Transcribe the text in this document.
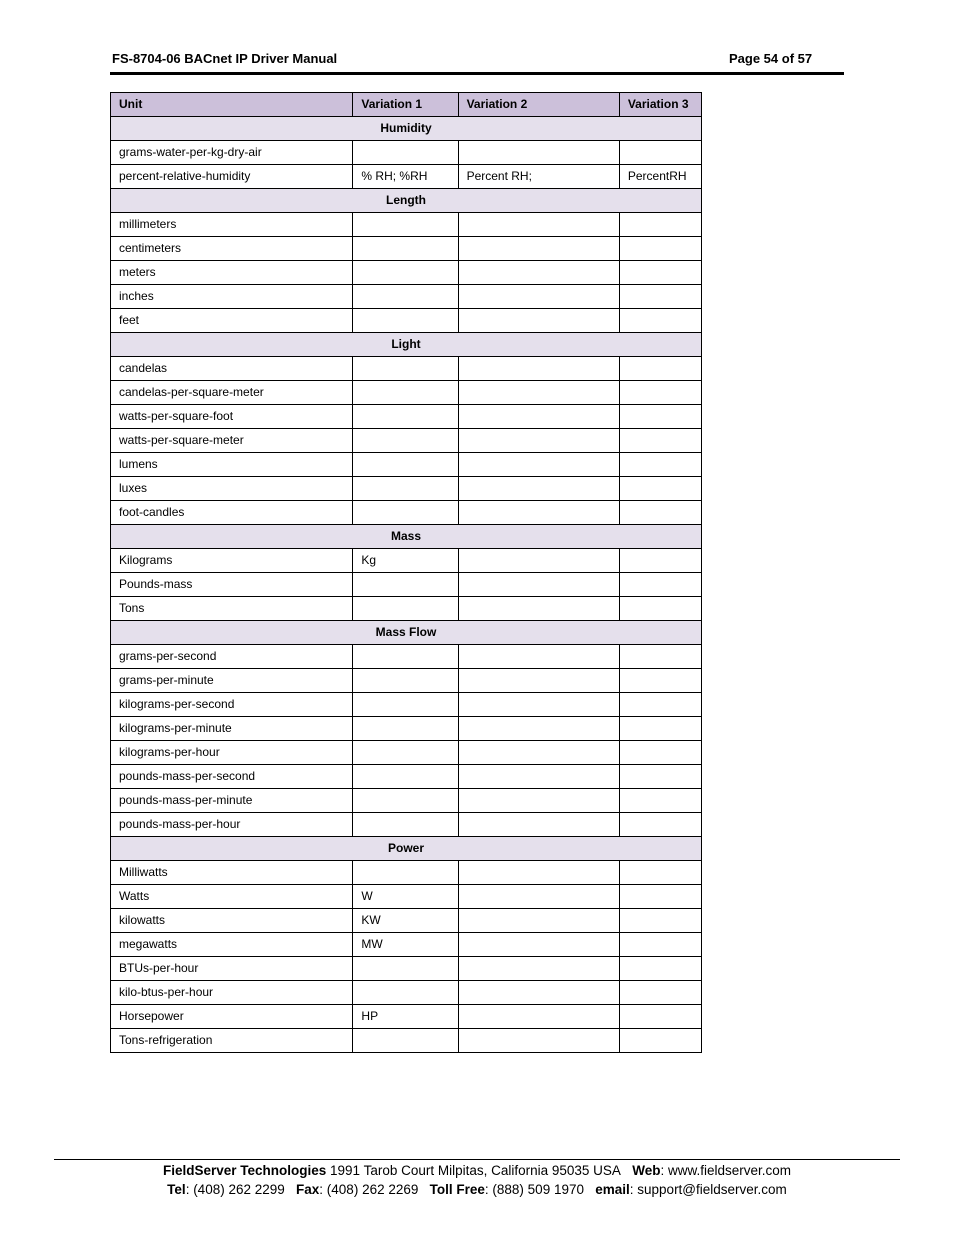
FS-8704-06 BACnet IP Driver Manual	Page 54 of 57
Unit	Variation 1	Variation 2	Variation 3
Humidity			
grams-water-per-kg-dry-air			
percent-relative-humidity	% RH; %RH	Percent RH;	PercentRH
Length			
millimeters			
centimeters			
meters			
inches			
feet			
Light			
candelas			
candelas-per-square-meter			
watts-per-square-foot			
watts-per-square-meter			
lumens			
luxes			
foot-candles			
Mass			
Kilograms	Kg		
Pounds-mass			
Tons			
Mass Flow			
grams-per-second			
grams-per-minute			
kilograms-per-second			
kilograms-per-minute			
kilograms-per-hour			
pounds-mass-per-second			
pounds-mass-per-minute			
pounds-mass-per-hour			
Power			
Milliwatts			
Watts	W		
kilowatts	KW		
megawatts	MW		
BTUs-per-hour			
kilo-btus-per-hour			
Horsepower	HP		
Tons-refrigeration			
FieldServer Technologies 1991 Tarob Court Milpitas, California 95035 USA Web: www.fieldserver.com
Tel: (408) 262 2299 Fax: (408) 262 2269 Toll Free: (888) 509 1970 email: support@fieldserver.com
